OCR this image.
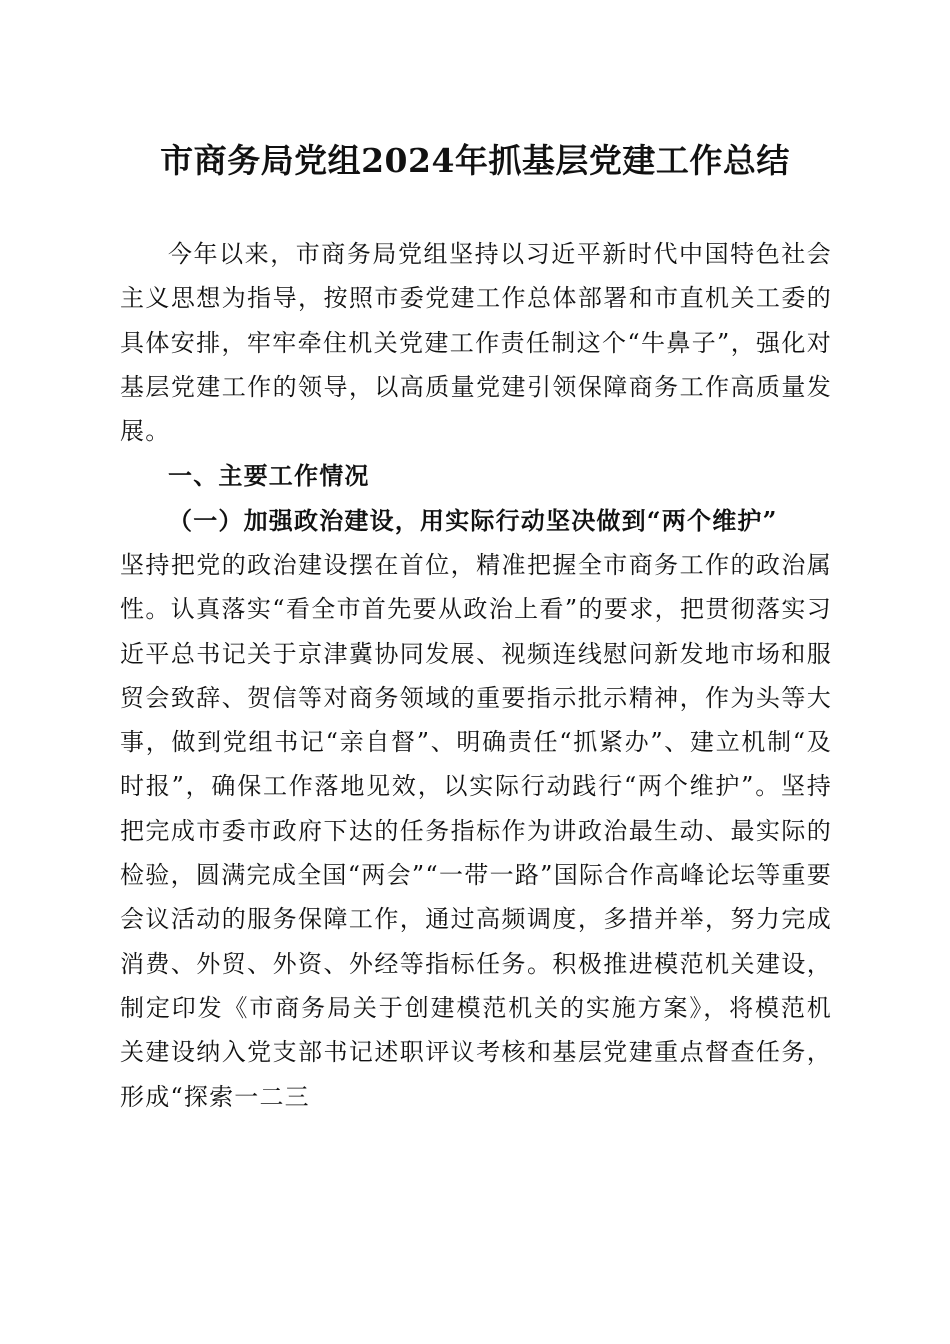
市商务局党组2024年抓基层党建工作总结

今年以来，市商务局党组坚持以习近平新时代中国特色社会主义思想为指导，按照市委党建工作总体部署和市直机关工委的具体安排，牢牢牵住机关党建工作责任制这个“牛鼻子”，强化对基层党建工作的领导，以高质量党建引领保障商务工作高质量发展。

一、主要工作情况
（一）加强政治建设，用实际行动坚决做到“两个维护”

坚持把党的政治建设摆在首位，精准把握全市商务工作的政治属性。认真落实“看全市首先要从政治上看”的要求，把贯彻落实习近平总书记关于京津冀协同发展、视频连线慰问新发地市场和服贸会致辞、贺信等对商务领域的重要指示批示精神，作为头等大事，做到党组书记“亲自督”、明确责任“抓紧办”、建立机制“及时报”，确保工作落地见效，以实际行动践行“两个维护”。坚持把完成市委市政府下达的任务指标作为讲政治最生动、最实际的检验，圆满完成全国“两会”“一带一路”国际合作高峰论坛等重要会议活动的服务保障工作，通过高频调度，多措并举，努力完成消费、外贸、外资、外经等指标任务。积极推进模范机关建设，制定印发《市商务局关于创建模范机关的实施方案》，将模范机关建设纳入党支部书记述职评议考核和基层党建重点督查任务，形成“探索一二三
